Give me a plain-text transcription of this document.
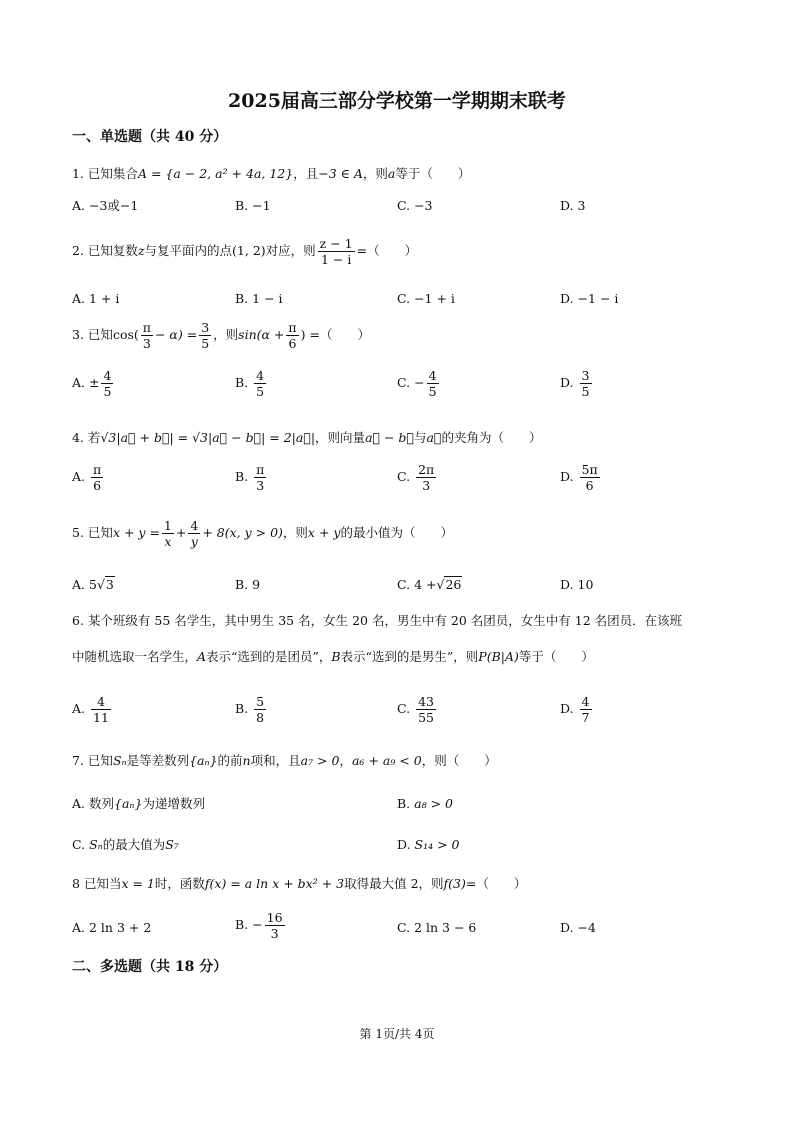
2025届高三部分学校第一学期期末联考
一、单选题（共 40 分）
1. 已知集合A = {a − 2, a² + 4a, 12}，且−3 ∈ A，则a等于（　　）
A. −3或−1	B. −1	C. −3	D. 3
2. 已知复数z与复平面内的点(1, 2)对应，则 $\frac{z - 1}{1 - i}$ =（　　）
A. 1 + i	B. 1 − i	C. −1 + i	D. −1 − i
3. 已知$\cos( \frac{\pi}{3} - \alpha) = \frac{3}{5}$ ，则$\sin(\alpha + \frac{\pi}{6}$ ) =（　　）
A. ± $\frac{4}{5}$	B. $\frac{4}{5}$	C. − $\frac{4}{5}$	D. $\frac{3}{5}$
4. 若√3|a⃗ + b⃗| = √3|a⃗ − b⃗| = 2|a⃗|，则向量a⃗ − b⃗与a⃗的夹角为（　　）
A. $\frac{\pi}{6}$	B. $\frac{\pi}{3}$	C. $\frac{2\pi}{3}$	D. $\frac{5\pi}{6}$
5. 已知$x + y = \frac{1}{x} + \frac{4}{y} + 8(x$, y > 0)，则x + y的最小值为（　　）
A. 5√3	B. 9	C. 4 +√26	D. 10
6. 某个班级有 55 名学生，其中男生 35 名，女生 20 名，男生中有 20 名团员，女生中有 12 名团员．在该班
中随机选取一名学生，A表示“选到的是团员”，B表示“选到的是男生”，则P(B|A)等于（　　）
A. $\frac{4}{11}$	B. $\frac{5}{8}$	C. $\frac{43}{55}$	D. $\frac{4}{7}$
7. 已知Sₙ是等差数列{aₙ}的前n项和，且a₇ > 0，a₆ + a₉ < 0，则（　　）
A. 数列{aₙ}为递增数列	B. a₈ > 0
C. Sₙ的最大值为S₇	D. S₁₄ > 0
8 已知当x = 1时，函数f(x) = a ln x + bx² + 3取得最大值 2，则f(3)=（　　）
A. 2 ln 3 + 2	B. − $\frac{16}{3}$	C. 2 ln 3 − 6	D. −4
二、多选题（共 18 分）
第 1页/共 4页
